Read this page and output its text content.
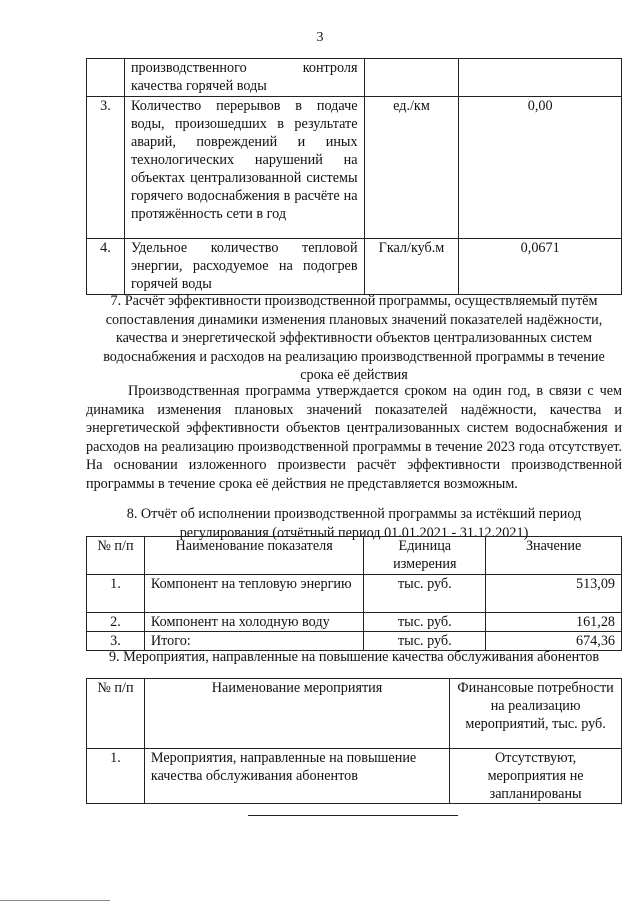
3
	производственного контроля качества горячей воды		
3.	Количество перерывов в подаче воды, произошедших в результате аварий, повреждений и иных технологических нарушений на объектах централизованной системы горячего водоснабжения в расчёте на протяжённость сети в год	ед./км	0,00
4.	Удельное количество тепловой энергии, расходуемое на подогрев горячей воды	Гкал/куб.м	0,0671
7. Расчёт эффективности производственной программы, осуществляемый путём сопоставления динамики изменения плановых значений показателей надёжности, качества и энергетической эффективности объектов централизованных систем водоснабжения и расходов на реализацию производственной программы в течение срока её действия
Производственная программа утверждается сроком на один год, в связи с чем динамика изменения плановых значений показателей надёжности, качества и энергетической эффективности объектов централизованных систем водоснабжения и расходов на реализацию производственной программы в течение 2023 года отсутствует. На основании изложенного произвести расчёт эффективности производственной программы в течение срока её действия не представляется возможным.
8. Отчёт об исполнении производственной программы за истёкший период регулирования (отчётный период 01.01.2021 - 31.12.2021)
№ п/п	Наименование показателя	Единица измерения	Значение
1.	Компонент на тепловую энергию	тыс. руб.	513,09
2.	Компонент на холодную воду	тыс. руб.	161,28
3.	Итого:	тыс. руб.	674,36
9. Мероприятия, направленные на повышение качества обслуживания абонентов
№ п/п	Наименование мероприятия	Финансовые потребности на реализацию мероприятий, тыс. руб.
1.	Мероприятия, направленные на повышение качества обслуживания абонентов	Отсутствуют, мероприятия не запланированы
